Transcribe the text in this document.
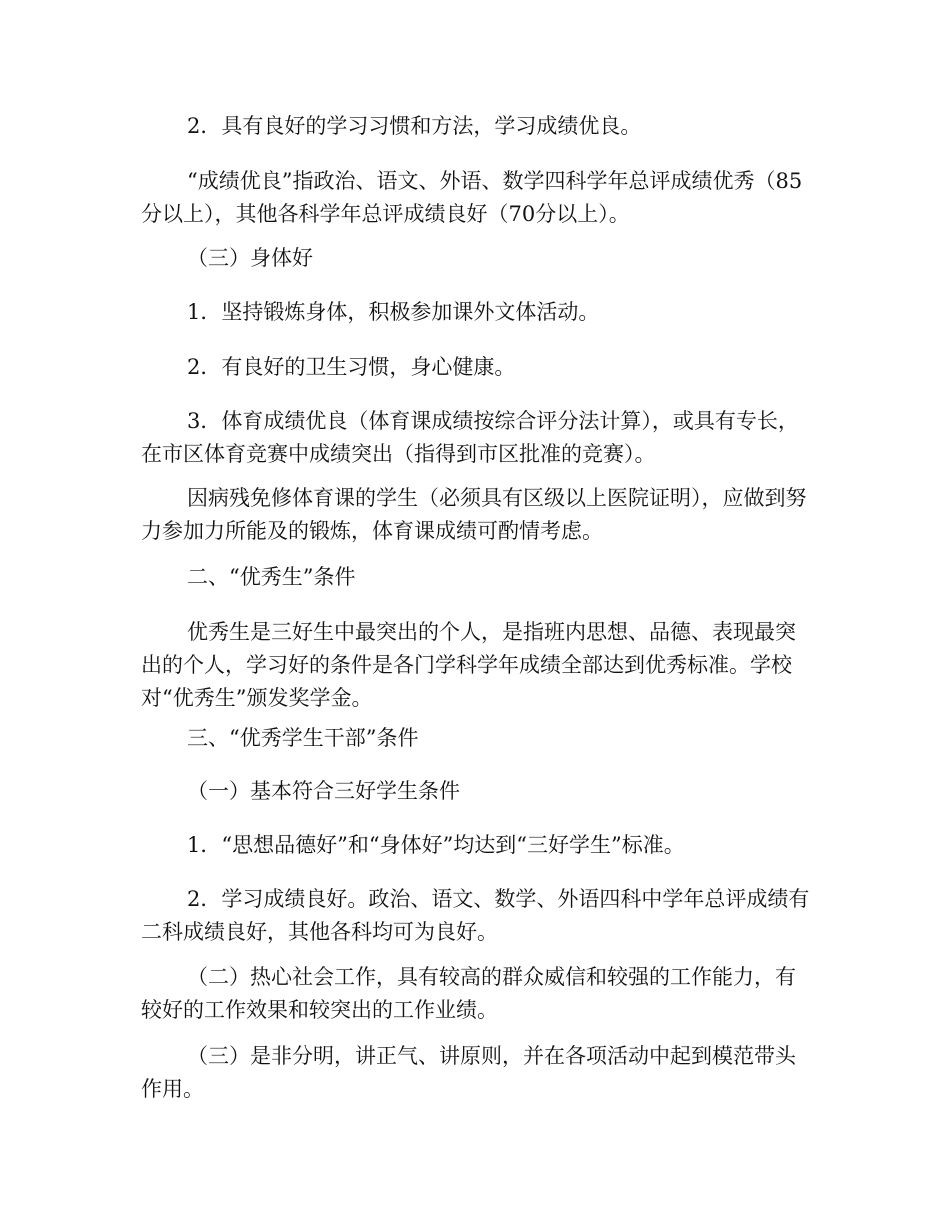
2．具有良好的学习习惯和方法，学习成绩优良。

“成绩优良”指政治、语文、外语、数学四科学年总评成绩优秀（85分以上），其他各科学年总评成绩良好（70分以上）。

（三）身体好

1．坚持锻炼身体，积极参加课外文体活动。

2．有良好的卫生习惯，身心健康。

3．体育成绩优良（体育课成绩按综合评分法计算），或具有专长，在市区体育竞赛中成绩突出（指得到市区批准的竞赛）。

因病残免修体育课的学生（必须具有区级以上医院证明），应做到努力参加力所能及的锻炼，体育课成绩可酌情考虑。

二、“优秀生”条件

优秀生是三好生中最突出的个人，是指班内思想、品德、表现最突出的个人，学习好的条件是各门学科学年成绩全部达到优秀标准。学校对“优秀生”颁发奖学金。

三、“优秀学生干部”条件

（一）基本符合三好学生条件

1．“思想品德好”和“身体好”均达到“三好学生”标准。

2．学习成绩良好。政治、语文、数学、外语四科中学年总评成绩有二科成绩良好，其他各科均可为良好。

（二）热心社会工作，具有较高的群众威信和较强的工作能力，有较好的工作效果和较突出的工作业绩。

（三）是非分明，讲正气、讲原则，并在各项活动中起到模范带头作用。
